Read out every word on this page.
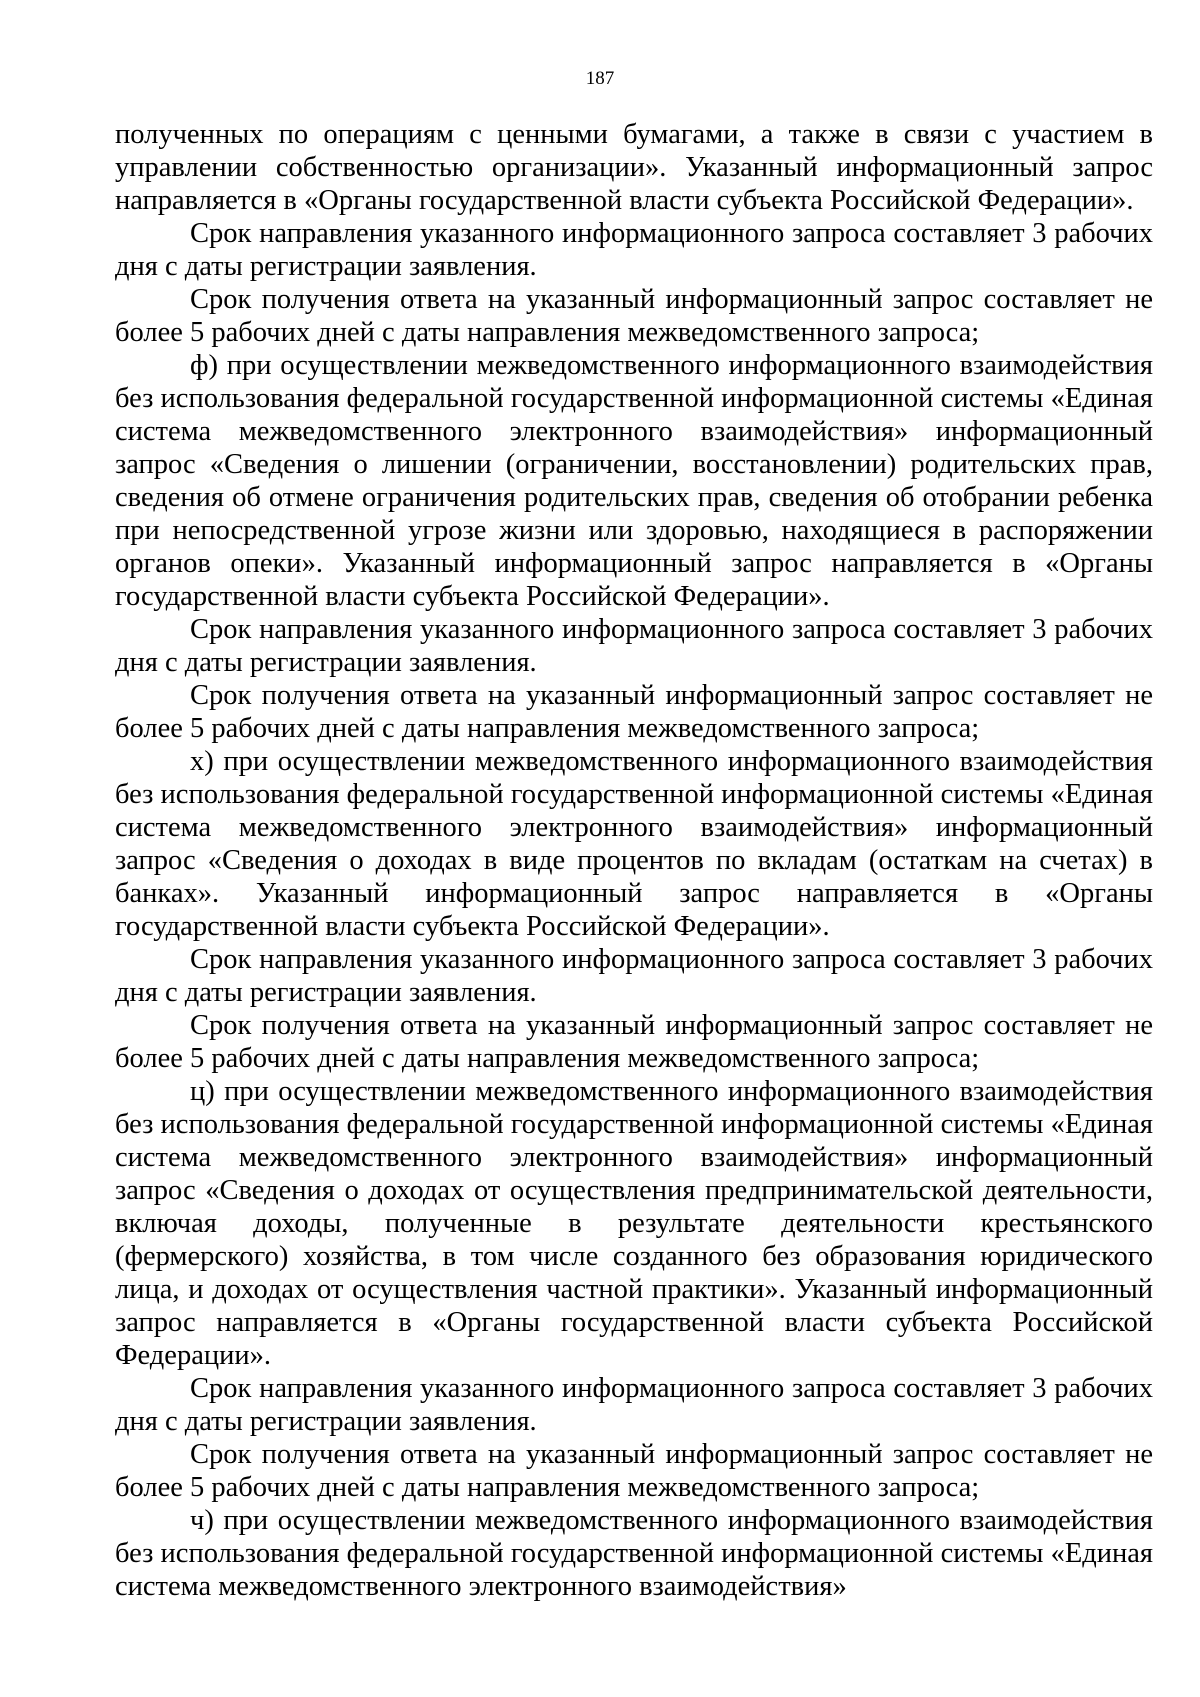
187

полученных по операциям с ценными бумагами, а также в связи с участием в управлении собственностью организации». Указанный информационный запрос направляется в «Органы государственной власти субъекта Российской Федерации».

Срок направления указанного информационного запроса составляет 3 рабочих дня с даты регистрации заявления.

Срок получения ответа на указанный информационный запрос составляет не более 5 рабочих дней с даты направления межведомственного запроса;

ф) при осуществлении межведомственного информационного взаимодействия без использования федеральной государственной информационной системы «Единая система межведомственного электронного взаимодействия» информационный запрос «Сведения о лишении (ограничении, восстановлении) родительских прав, сведения об отмене ограничения родительских прав, сведения об отобрании ребенка при непосредственной угрозе жизни или здоровью, находящиеся в распоряжении органов опеки». Указанный информационный запрос направляется в «Органы государственной власти субъекта Российской Федерации».

Срок направления указанного информационного запроса составляет 3 рабочих дня с даты регистрации заявления.

Срок получения ответа на указанный информационный запрос составляет не более 5 рабочих дней с даты направления межведомственного запроса;

х) при осуществлении межведомственного информационного взаимодействия без использования федеральной государственной информационной системы «Единая система межведомственного электронного взаимодействия» информационный запрос «Сведения о доходах в виде процентов по вкладам (остаткам на счетах) в банках». Указанный информационный запрос направляется в «Органы государственной власти субъекта Российской Федерации».

Срок направления указанного информационного запроса составляет 3 рабочих дня с даты регистрации заявления.

Срок получения ответа на указанный информационный запрос составляет не более 5 рабочих дней с даты направления межведомственного запроса;

ц) при осуществлении межведомственного информационного взаимодействия без использования федеральной государственной информационной системы «Единая система межведомственного электронного взаимодействия» информационный запрос «Сведения о доходах от осуществления предпринимательской деятельности, включая доходы, полученные в результате деятельности крестьянского (фермерского) хозяйства, в том числе созданного без образования юридического лица, и доходах от осуществления частной практики». Указанный информационный запрос направляется в «Органы государственной власти субъекта Российской Федерации».

Срок направления указанного информационного запроса составляет 3 рабочих дня с даты регистрации заявления.

Срок получения ответа на указанный информационный запрос составляет не более 5 рабочих дней с даты направления межведомственного запроса;

ч) при осуществлении межведомственного информационного взаимодействия без использования федеральной государственной информационной системы «Единая система межведомственного электронного взаимодействия»
